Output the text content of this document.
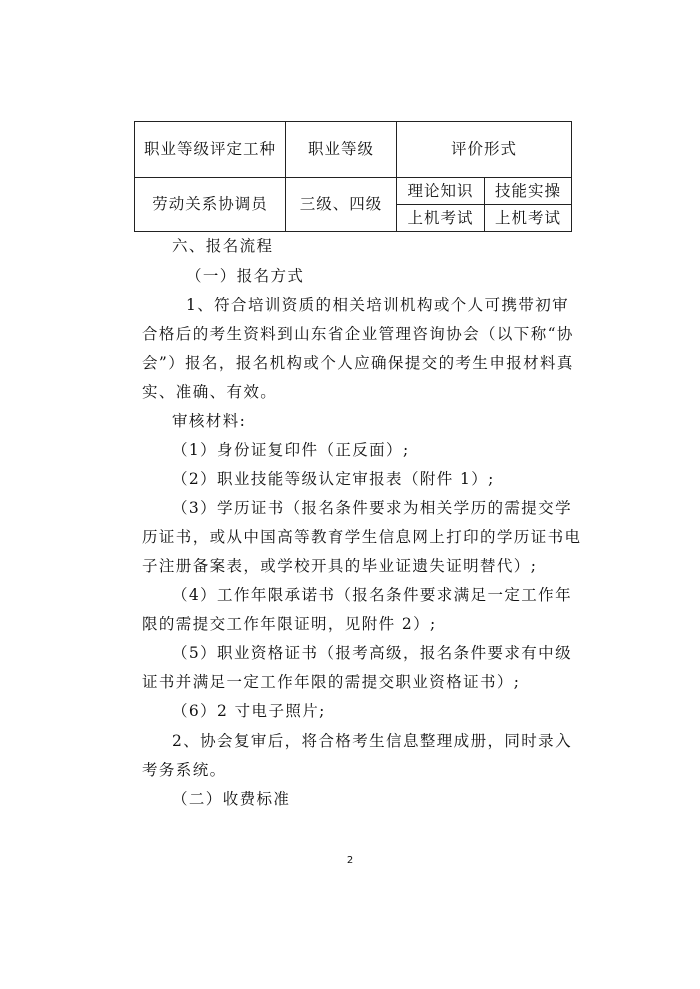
职业等级评定工种	职业等级	评价形式	
劳动关系协调员	三级、四级	理论知识	技能实操
		上机考试	上机考试
六、报名流程
（一）报名方式
1、符合培训资质的相关培训机构或个人可携带初审
合格后的考生资料到山东省企业管理咨询协会（以下称“协
会”）报名，报名机构或个人应确保提交的考生申报材料真
实、准确、有效。
审核材料:
（1）身份证复印件（正反面）;
（2）职业技能等级认定审报表（附件 1）;
（3）学历证书（报名条件要求为相关学历的需提交学
历证书，或从中国高等教育学生信息网上打印的学历证书电
子注册备案表，或学校开具的毕业证遗失证明替代）;
（4）工作年限承诺书（报名条件要求满足一定工作年
限的需提交工作年限证明，见附件 2）;
（5）职业资格证书（报考高级，报名条件要求有中级
证书并满足一定工作年限的需提交职业资格证书）;
（6）2 寸电子照片;
2、协会复审后，将合格考生信息整理成册，同时录入
考务系统。
（二）收费标准
2
